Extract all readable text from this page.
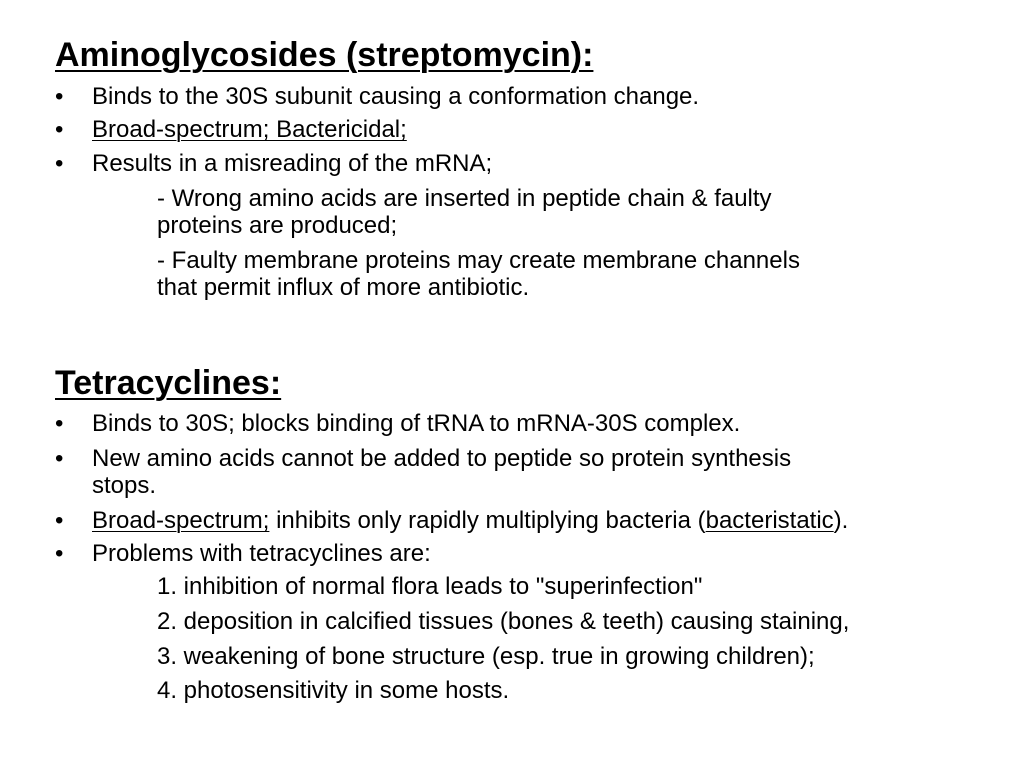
Aminoglycosides (streptomycin):
• Binds to the 30S subunit causing a conformation change.
• Broad-spectrum; Bactericidal;
• Results in a misreading of the mRNA;
- Wrong amino acids are inserted in peptide chain & faulty
proteins are produced;
- Faulty membrane proteins may create membrane channels
that permit influx of more antibiotic.
Tetracyclines:
• Binds to 30S; blocks binding of tRNA to mRNA-30S complex.
• New amino acids cannot be added to peptide so protein synthesis
stops.
• Broad-spectrum; inhibits only rapidly multiplying bacteria (bacteristatic).
• Problems with tetracyclines are:
1. inhibition of normal flora leads to "superinfection"
2. deposition in calcified tissues (bones & teeth) causing staining,
3. weakening of bone structure (esp. true in growing children);
4. photosensitivity in some hosts.
